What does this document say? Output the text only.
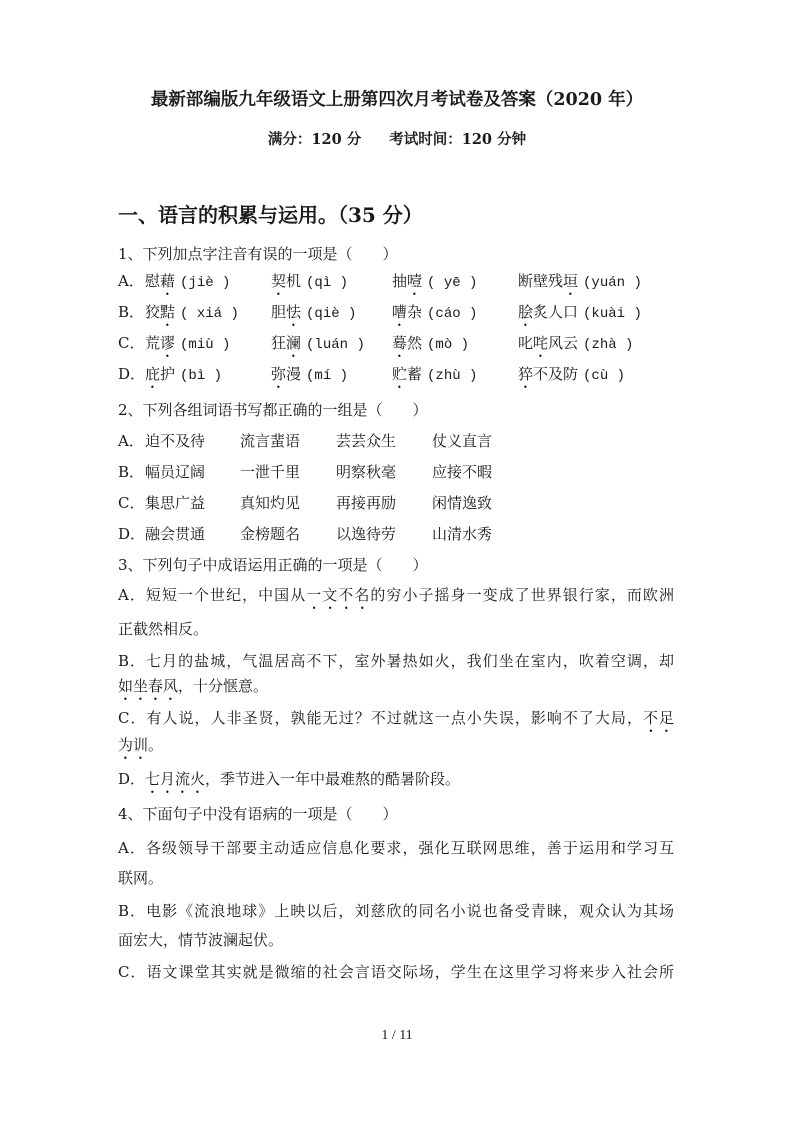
最新部编版九年级语文上册第四次月考试卷及答案（2020 年）
满分：120 分 考试时间：120 分钟
一、语言的积累与运用。（35 分）
1、下列加点字注音有误的一项是（　　）
A． 慰藉 (jiè )	契机 (qì )	抽噎 ( yē )	断壁残垣 (yuán )
B． 狡黠 ( xiá ) 胆怯 (qiè ) 嘈杂 (cáo )	脍炙人口 (kuài )
C． 荒谬 (miù )	狂澜 (luán ) 蓦然 (mò )	叱咤风云 (zhà )
D． 庇护 (bì )	弥漫 (mí )	贮蓄 (zhù )	猝不及防 (cù )
2、下列各组词语书写都正确的一组是（　　）
A． 迫不及待 流言蜚语 芸芸众生 仗义直言
B． 幅员辽阔 一泄千里 明察秋毫 应接不暇
C． 集思广益 真知灼见 再接再励 闲情逸致
D． 融会贯通 金榜题名 以逸待劳 山清水秀
3、下列句子中成语运用正确的一项是（　　）
A．短短一个世纪，中国从一文不名的穷小子摇身一变成了世界银行家，而欧洲
正截然相反。
B．七月的盐城，气温居高不下，室外暑热如火，我们坐在室内，吹着空调，却
如坐春风，十分惬意。
C．有人说，人非圣贤，孰能无过？不过就这一点小失误，影响不了大局，不足
为训。
D．七月流火，季节进入一年中最难熬的酷暑阶段。
4、下面句子中没有语病的一项是（　　）
A．各级领导干部要主动适应信息化要求，强化互联网思维，善于运用和学习互
联网。
B．电影《流浪地球》上映以后，刘慈欣的同名小说也备受青睐，观众认为其场
面宏大，情节波澜起伏。
C．语文课堂其实就是微缩的社会言语交际场，学生在这里学习将来步入社会所
1 / 11
